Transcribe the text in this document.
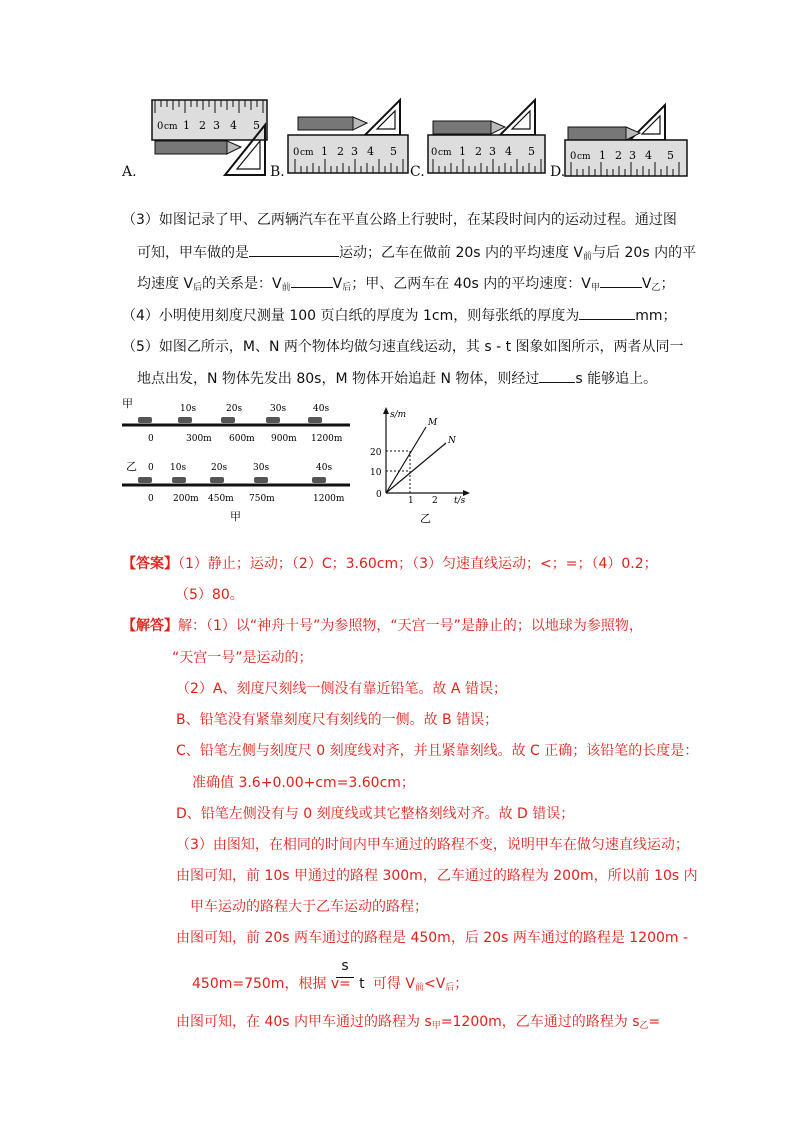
0 cm 1 2 3 4 5
0 cm 1 2 3 4 5	0 cm 1 2 3 4 5	0 cm 1 2 3 4 5
A.	B.	C.	D.
（3）如图记录了甲、乙两辆汽车在平直公路上行驶时，在某段时间内的运动过程。通过图
可知，甲车做的是	运动；乙车在做前 20s 内的平均速度 $V_前$与后 20s 内的平
均速度 $V_后$的关系是：$V_前$	$V_后$；甲、乙两车在 40s 内的平均速度：$V_甲$	$V_乙$；
（4）小明使用刻度尺测量 100 页白纸的厚度为 1cm，则每张纸的厚度为	mm；
（5）如图乙所示，M、N 两个物体均做匀速直线运动，其 s - t 图象如图所示，两者从同一
地点出发，N 物体先发出 80s，M 物体开始追赶 N 物体，则经过	s 能够追上。
甲	10s	20s	30s	40s
0	300m 600m 900m 1200m
乙 0 10s	20s	30s	40s
0 200m 450m 750m	1200m
甲
s/m
t/s
M
N
20
10
0
1 2
乙
【答案】（1）静止；运动；（2）C；3.60cm；（3）匀速直线运动；<；=；（4）0.2；
（5）80。
【解答】解：（1）以“神舟十号”为参照物，“天宫一号”是静止的；以地球为参照物，
“天宫一号”是运动的；
（2）A、刻度尺刻线一侧没有靠近铅笔。故 A 错误；
B、铅笔没有紧靠刻度尺有刻线的一侧。故 B 错误；
C、铅笔左侧与刻度尺 0 刻度线对齐，并且紧靠刻线。故 C 正确；该铅笔的长度是：
准确值 3.6+0.00+cm=3.60cm；
D、铅笔左侧没有与 0 刻度线或其它整格刻线对齐。故 D 错误；
（3）由图知，在相同的时间内甲车通过的路程不变，说明甲车在做匀速直线运动；
由图可知，前 10s 甲通过的路程 300m，乙车通过的路程为 200m，所以前 10s 内
甲车运动的路程大于乙车运动的路程；
由图可知，前 20s 两车通过的路程是 450m，后 20s 两车通过的路程是 1200m -
s
450m=750m，根据 v= t 可得 $V_前<V_后$；
由图可知，在 40s 内甲车通过的路程为 $s_甲=1200m$，乙车通过的路程为 $s_乙=$
